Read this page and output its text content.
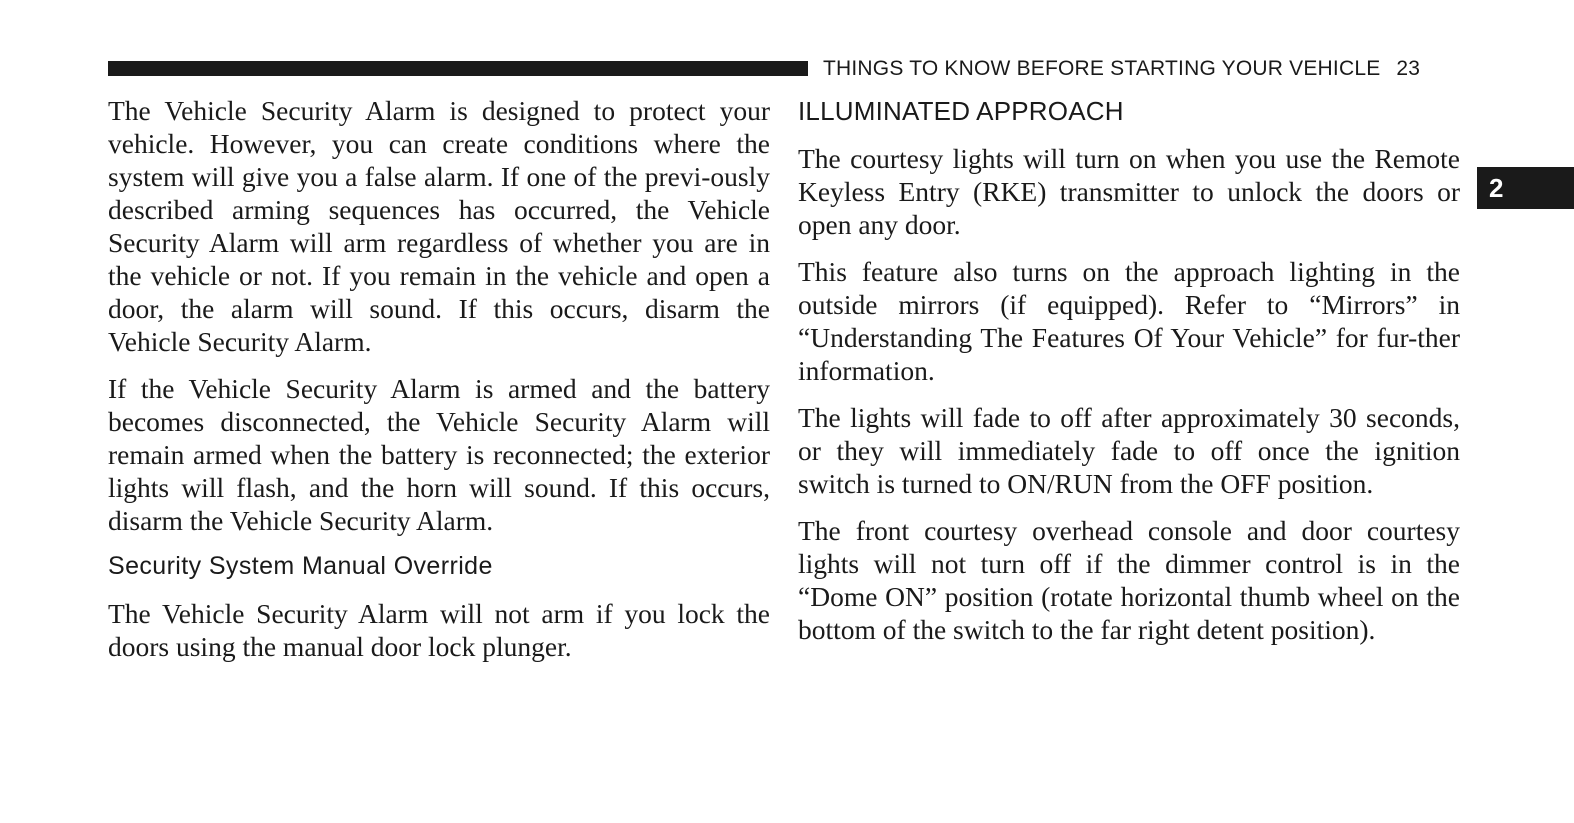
THINGS TO KNOW BEFORE STARTING YOUR VEHICLE 23
2

The Vehicle Security Alarm is designed to protect your vehicle. However, you can create conditions where the system will give you a false alarm. If one of the previ-ously described arming sequences has occurred, the Vehicle Security Alarm will arm regardless of whether you are in the vehicle or not. If you remain in the vehicle and open a door, the alarm will sound. If this occurs, disarm the Vehicle Security Alarm.

If the Vehicle Security Alarm is armed and the battery becomes disconnected, the Vehicle Security Alarm will remain armed when the battery is reconnected; the exterior lights will flash, and the horn will sound. If this occurs, disarm the Vehicle Security Alarm.

Security System Manual Override

The Vehicle Security Alarm will not arm if you lock the doors using the manual door lock plunger.

ILLUMINATED APPROACH

The courtesy lights will turn on when you use the Remote Keyless Entry (RKE) transmitter to unlock the doors or open any door.

This feature also turns on the approach lighting in the outside mirrors (if equipped). Refer to “Mirrors” in “Understanding The Features Of Your Vehicle” for fur-ther information.

The lights will fade to off after approximately 30 seconds, or they will immediately fade to off once the ignition switch is turned to ON/RUN from the OFF position.

The front courtesy overhead console and door courtesy lights will not turn off if the dimmer control is in the “Dome ON” position (rotate horizontal thumb wheel on the bottom of the switch to the far right detent position).
